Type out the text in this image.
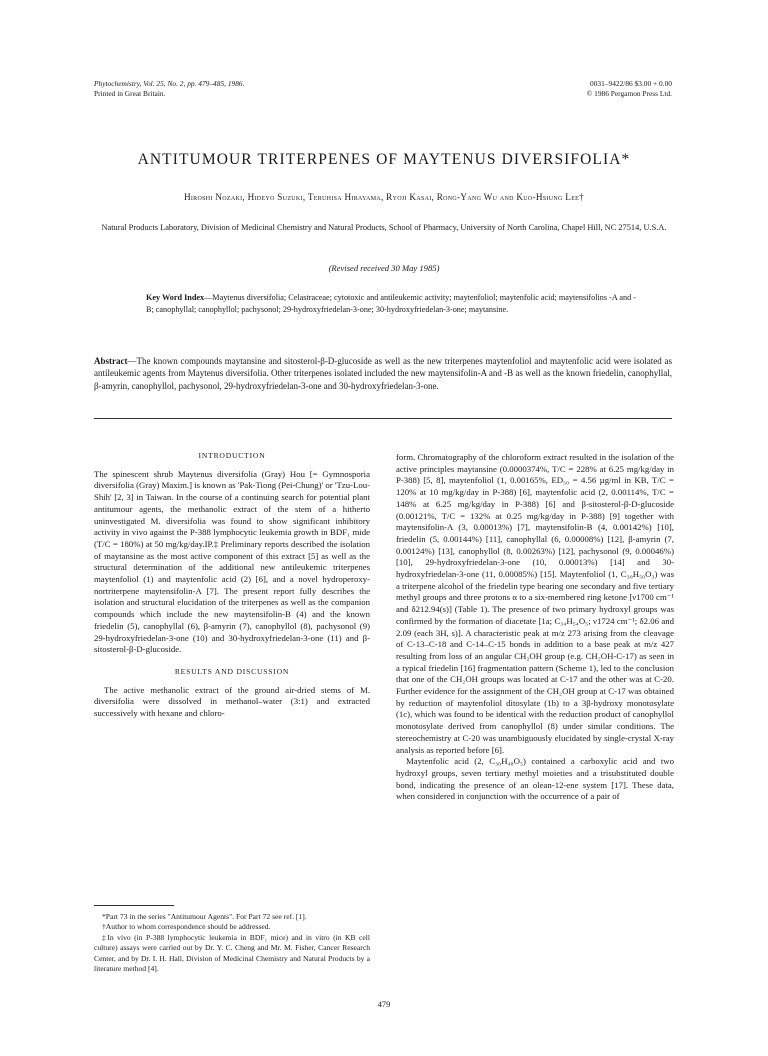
Phytochemistry, Vol. 25, No. 2, pp. 479–485, 1986.
Printed in Great Britain.
0031–9422/86 $3.00 + 0.00
© 1986 Pergamon Press Ltd.
ANTITUMOUR TRITERPENES OF MAYTENUS DIVERSIFOLIA*
Hiroshi Nozaki, Hideyo Suzuki, Teruhisa Hirayama, Ryoji Kasai, Rong-Yang Wu and Kuo-Hsiung Lee†
Natural Products Laboratory, Division of Medicinal Chemistry and Natural Products, School of Pharmacy, University of North Carolina, Chapel Hill, NC 27514, U.S.A.
(Revised received 30 May 1985)
Key Word Index—Maytenus diversifolia; Celastraceae; cytotoxic and antileukemic activity; maytenfoliol; maytenfolic acid; maytensifolins -A and -B; canophyllal; canophyllol; pachysonol; 29-hydroxyfriedelan-3-one; 30-hydroxyfriedelan-3-one; maytansine.
Abstract—The known compounds maytansine and sitosterol-β-D-glucoside as well as the new triterpenes maytenfoliol and maytenfolic acid were isolated as antileukemic agents from Maytenus diversifolia. Other triterpenes isolated included the new maytensifolin-A and -B as well as the known friedelin, canophyllal, β-amyrin, canophyllol, pachysonol, 29-hydroxyfriedelan-3-one and 30-hydroxyfriedelan-3-one.
INTRODUCTION

The spinescent shrub Maytenus diversifolia (Gray) Hou [= Gymnosporia diversifolia (Gray) Maxim.] is known as 'Pak-Tiong (Pei-Chung)' or 'Tzu-Lou-Shih' [2, 3] in Taiwan. In the course of a continuing search for potential plant antitumour agents, the methanolic extract of the stem of a hitherto uninvestigated M. diversifolia was found to show significant inhibitory activity in vivo against the P-388 lymphocytic leukemia growth in BDF₁ mide (T/C = 180%) at 50 mg/kg/day.IP.‡ Preliminary reports described the isolation of maytansine as the most active component of this extract [5] as well as the structural determination of the additional new antileukemic triterpenes maytenfoliol (1) and maytenfolic acid (2) [6], and a novel hydroperoxy-nortriterpene maytensifolin-A [7]. The present report fully describes the isolation and structural elucidation of the triterpenes as well as the companion compounds which include the new maytensifolin-B (4) and the known friedelin (5), canophyllal (6), β-amyrin (7), canophyllol (8), pachysonol (9) 29-hydroxyfriedelan-3-one (10) and 30-hydroxyfriedelan-3-one (11) and β-sitosterol-β-D-glucoside.

RESULTS AND DISCUSSION

The active methanolic extract of the ground air-dried stems of M. diversifolia were dissolved in methanol–water (3:1) and extracted successively with hexane and chloro-

*Part 73 in the series "Antitumour Agents". For Part 72 see ref. [1].

†Author to whom correspondence should be addressed.

‡In vivo (in P-388 lymphocytic leukemia in BDF₁ mice) and in vitro (in KB cell culture) assays were carried out by Dr. Y. C. Cheng and Mr. M. Fisher, Cancer Research Center, and by Dr. I. H. Hall, Division of Medicinal Chemistry and Natural Products by a literature method [4].

form. Chromatography of the chloroform extract resulted in the isolation of the active principles maytansine (0.0000374%, T/C = 228% at 6.25 mg/kg/day in P-388) [5, 8], maytenfoliol (1, 0.00165%, ED₅₀ = 4.56 µg/ml in KB, T/C = 120% at 10 mg/kg/day in P-388) [6], maytenfolic acid (2, 0.00114%, T/C = 148% at 6.25 mg/kg/day in P-388) [6] and β-sitosterol-β-D-glucoside (0.00121%, T/C = 132% at 0.25 mg/kg/day in P-388) [9] together with maytensifolin-A (3, 0.00013%) [7], maytensifolin-B (4, 0.00142%) [10], friedelin (5, 0.00144%) [11], canophyllal (6, 0.00008%) [12], β-amyrin (7, 0.00124%) [13], canophyllol (8, 0.00263%) [12], pachysonol (9, 0.00046%) [10], 29-hydroxyfriedelan-3-one (10, 0.00013%) [14] and 30-hydroxyfriedelan-3-one (11, 0.00085%) [15]. Maytenfoliol (1, C₃₀H₅₀O₃) was a triterpene alcohol of the friedelin type bearing one secondary and five tertiary methyl groups and three protons α to a six-membered ring ketone [ν1700 cm⁻¹ and δ212.94(s)] (Table 1). The presence of two primary hydroxyl groups was confirmed by the formation of diacetate [1a; C₃₄H₅₄O₅; ν1724 cm⁻¹; δ2.06 and 2.09 (each 3H, s)]. A characteristic peak at m/z 273 arising from the cleavage of C-13–C-18 and C-14–C-15 bonds in addition to a base peak at m/z 427 resulting from loss of an angular CH₂OH group (e.g. CH₂OH-C-17) as seen in a typical friedelin [16] fragmentation pattern (Scheme 1), led to the conclusion that one of the CH₂OH groups was located at C-17 and the other was at C-20. Further evidence for the assignment of the CH₂OH group at C-17 was obtained by reduction of maytenfoliol ditosylate (1b) to a 3β-hydroxy monotosylate (1c), which was found to be identical with the reduction product of canophyllol monotosylate derived from canophyllol (8) under similar conditions. The stereochemistry at C-20 was unambiguously elucidated by single-crystal X-ray analysis as reported before [6].

Maytenfolic acid (2, C₃₀H₄₈O₅) contained a carboxylic acid and two hydroxyl groups, seven tertiary methyl moieties and a trisubstituted double bond, indicating the presence of an olean-12-ene system [17]. These data, when considered in conjunction with the occurrence of a pair of

479
